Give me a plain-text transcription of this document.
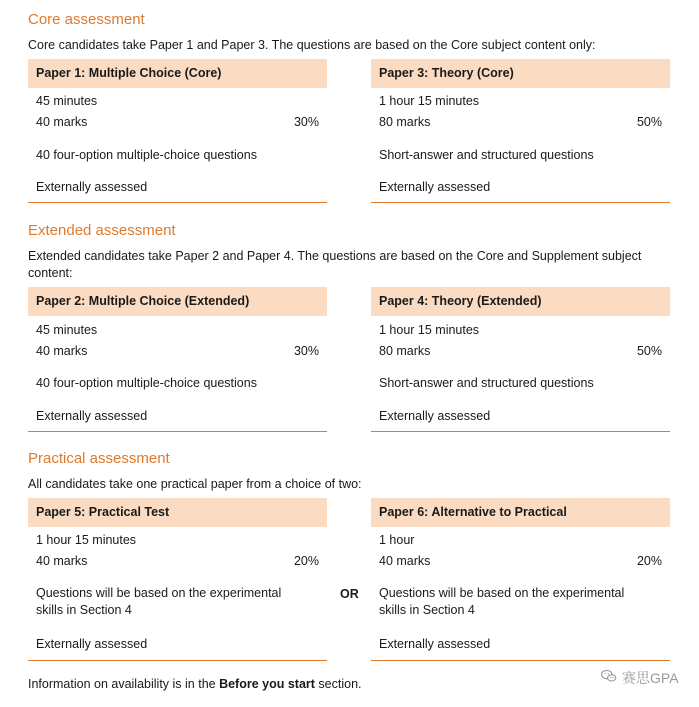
Core assessment

Core candidates take Paper 1 and Paper 3. The questions are based on the Core subject content only:

Paper 1: Multiple Choice (Core)
45 minutes
40 marks	30%
40 four-option multiple-choice questions
Externally assessed
Paper 3: Theory (Core)
1 hour 15 minutes
80 marks	50%
Short-answer and structured questions
Externally assessed
Extended assessment

Extended candidates take Paper 2 and Paper 4. The questions are based on the Core and Supplement subject content:

Paper 2: Multiple Choice (Extended)
45 minutes
40 marks	30%
40 four-option multiple-choice questions
Externally assessed
Paper 4: Theory (Extended)
1 hour 15 minutes
80 marks	50%
Short-answer and structured questions
Externally assessed
Practical assessment

All candidates take one practical paper from a choice of two:

Paper 5: Practical Test
1 hour 15 minutes
40 marks	20%
Questions will be based on the experimental skills in Section 4
Externally assessed
OR
Paper 6: Alternative to Practical
1 hour
40 marks	20%
Questions will be based on the experimental skills in Section 4
Externally assessed

Information on availability is in the Before you start section.	赛思GPA
